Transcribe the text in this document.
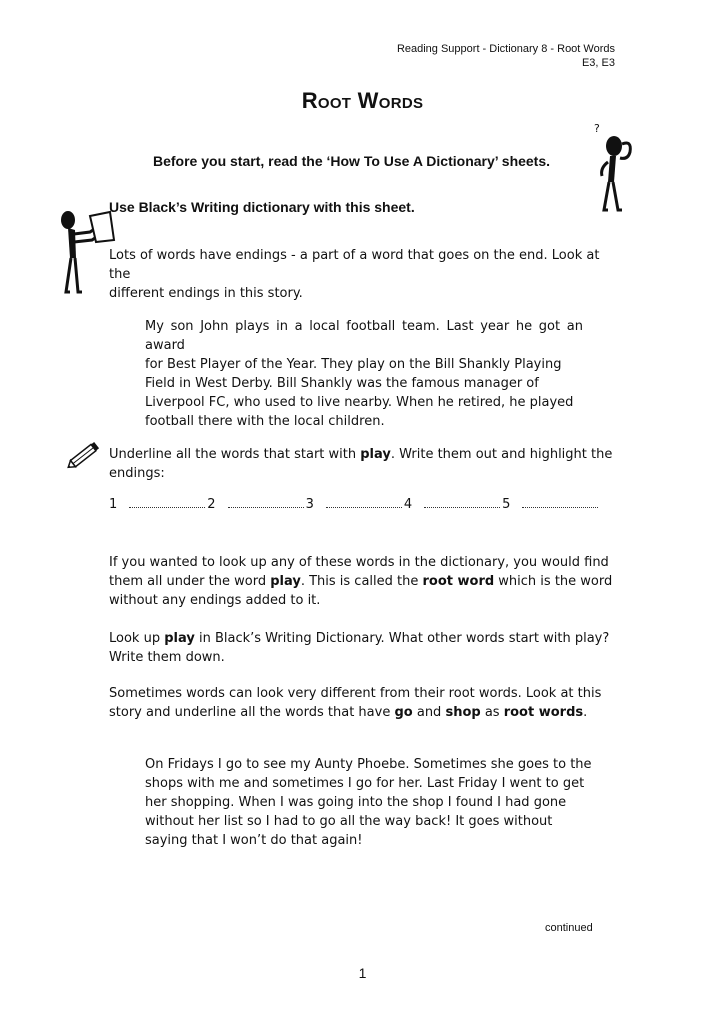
Reading Support - Dictionary 8 - Root Words
E3, E3
Root Words
?
Before you start, read the ‘How To Use A Dictionary’ sheets.
Use Black’s Writing dictionary with this sheet.
Lots of words have endings - a part of a word that goes on the end. Look at the
different endings in this story.
My son John plays in a local football team. Last year he got an award
for Best Player of the Year. They play on the Bill Shankly Playing
Field in West Derby. Bill Shankly was the famous manager of
Liverpool FC, who used to live nearby. When he retired, he played
football there with the local children.
Underline all the words that start with play. Write them out and highlight the
endings:
1	2	3	4	5
If you wanted to look up any of these words in the dictionary, you would find
them all under the word play. This is called the root word which is the word
without any endings added to it.
Look up play in Black’s Writing Dictionary. What other words start with play?
Write them down.
Sometimes words can look very different from their root words. Look at this
story and underline all the words that have go and shop as root words.
On Fridays I go to see my Aunty Phoebe. Sometimes she goes to the
shops with me and sometimes I go for her. Last Friday I went to get
her shopping. When I was going into the shop I found I had gone
without her list so I had to go all the way back! It goes without
saying that I won’t do that again!
continued
1
